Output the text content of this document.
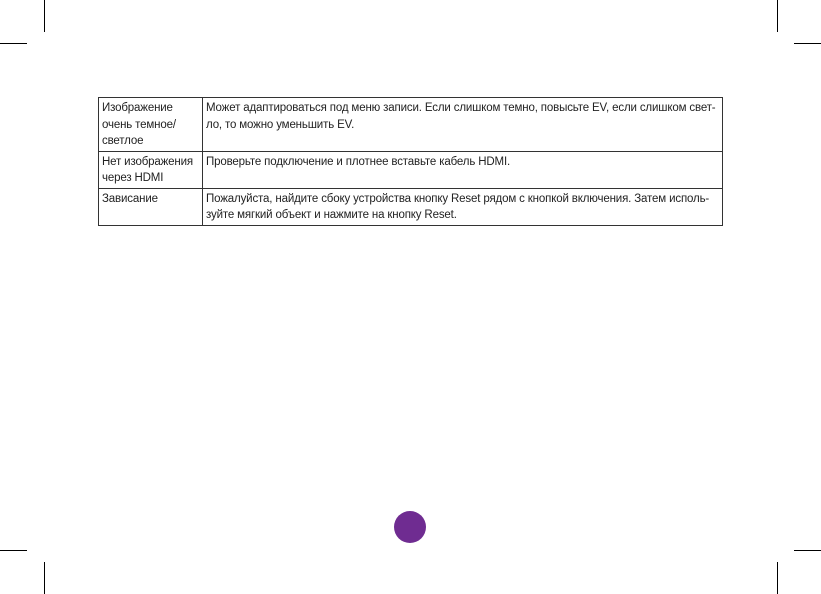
Изображение очень темное/ светлое	Может адаптироваться под меню записи. Если слишком темно, повысьте EV, если слишком свет-ло, то можно уменьшить EV.
Нет изображения через HDMI	Проверьте подключение и плотнее вставьте кабель HDMI.
Зависание	Пожалуйста, найдите сбоку устройства кнопку Reset рядом с кнопкой включения. Затем исполь-зуйте мягкий объект и нажмите на кнопку Reset.
